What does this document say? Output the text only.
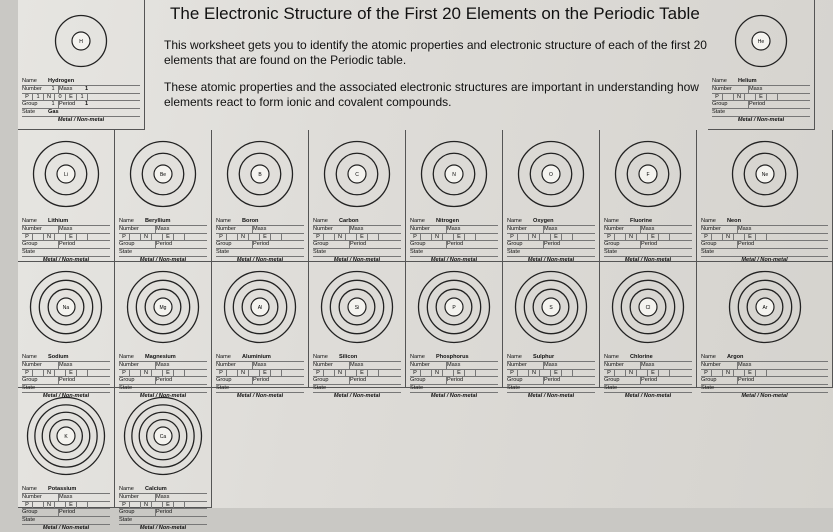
The Electronic Structure of the First 20 Elements on the Periodic Table
This worksheet gets you to identify the atomic properties and electronic structure of each of the first 20 elements that are found on the Periodic table.
These atomic properties and the associated electronic structures are important in understanding how elements react to form ionic and covalent compounds.
H
Name	Hydrogen
Number	1 Mass	1
P	1	N	0	E	1
Group	1 Period	1
State	Gas
Metal / Non-metal
He
Name	Helium
Number	Mass
P	N	E
Group	Period
State
Metal / Non-metal
Li
Name	Lithium
Number	Mass
P	N	E
Group	Period
State
Metal / Non-metal
Be
Name	Beryllium
Number	Mass
P	N	E
Group	Period
State
Metal / Non-metal
B
Name	Boron
Number	Mass
P	N	E
Group	Period
State
Metal / Non-metal
C
Name	Carbon
Number	Mass
P	N	E
Group	Period
State
Metal / Non-metal
N
Name	Nitrogen
Number	Mass
P	N	E
Group	Period
State
Metal / Non-metal
O
Name	Oxygen
Number	Mass
P	N	E
Group	Period
State
Metal / Non-metal
F
Name	Fluorine
Number	Mass
P	N	E
Group	Period
State
Metal / Non-metal
Ne
Name	Neon
Number	Mass
P	N	E
Group	Period
State
Metal / Non-metal
Na
Name	Sodium
Number	Mass
P	N	E
Group	Period
State
Metal / Non-metal
Mg
Name	Magnesium
Number	Mass
P	N	E
Group	Period
State
Metal / Non-metal
Al
Name	Aluminium
Number	Mass
P	N	E
Group	Period
State
Metal / Non-metal
Si
Name	Silicon
Number	Mass
P	N	E
Group	Period
State
Metal / Non-metal
P
Name	Phosphorus
Number	Mass
P	N	E
Group	Period
State
Metal / Non-metal
S
Name	Sulphur
Number	Mass
P	N	E
Group	Period
State
Metal / Non-metal
Cl
Name	Chlorine
Number	Mass
P	N	E
Group	Period
State
Metal / Non-metal
Ar
Name	Argon
Number	Mass
P	N	E
Group	Period
State
Metal / Non-metal
K
Name	Potassium
Number	Mass
P	N	E
Group	Period
State
Metal / Non-metal
Ca
Name	Calcium
Number	Mass
P	N	E
Group	Period
State
Metal / Non-metal
